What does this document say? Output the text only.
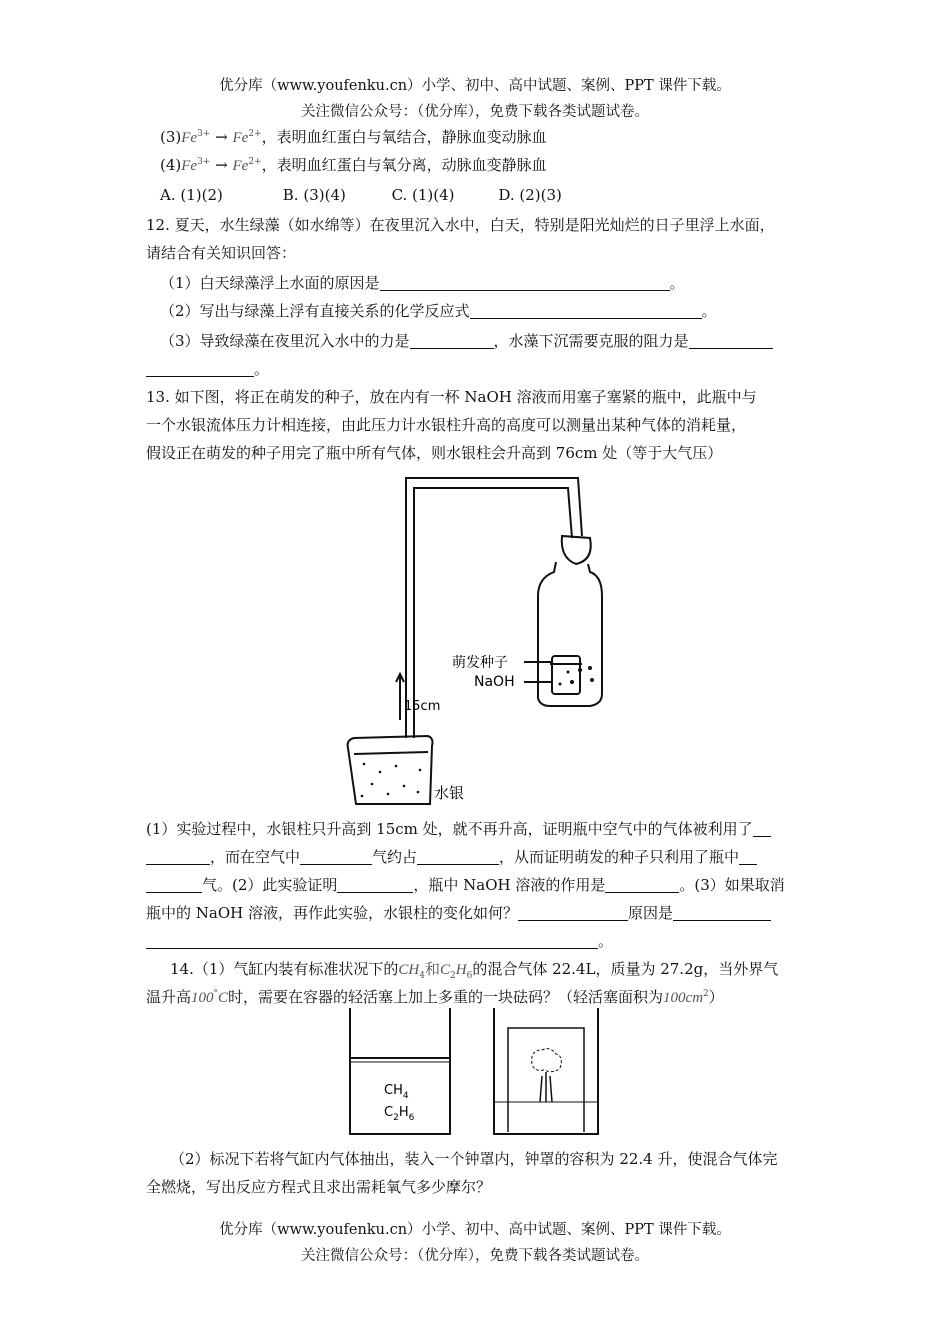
优分库（www.youfenku.cn）小学、初中、高中试题、案例、PPT 课件下载。
关注微信公众号：（优分库），免费下载各类试题试卷。
$(3)Fe^{3+} \to Fe^{2+}$，表明血红蛋白与氧结合，静脉血变动脉血
$(4)Fe^{3+} \to Fe^{2+}$，表明血红蛋白与氧分离，动脉血变静脉血
A. (1)(2)	B. (3)(4)	C. (1)(4)	D. (2)(3)
12. 夏天，水生绿藻（如水绵等）在夜里沉入水中，白天，特别是阳光灿烂的日子里浮上水面，
请结合有关知识回答：
（1）白天绿藻浮上水面的原因是	。
（2）写出与绿藻上浮有直接关系的化学反应式	。
（3）导致绿藻在夜里沉入水中的力是	，水藻下沉需要克服的阻力是
。
13. 如下图，将正在萌发的种子，放在内有一杯 NaOH 溶液而用塞子塞紧的瓶中，此瓶中与
一个水银流体压力计相连接，由此压力计水银柱升高的高度可以测量出某种气体的消耗量，
假设正在萌发的种子用完了瓶中所有气体，则水银柱会升高到 76cm 处（等于大气压）
萌发种子
NaOH
15cm
水银
(1）实验过程中，水银柱只升高到 15cm 处，就不再升高，证明瓶中空气中的气体被利用了
，而在空气中	气约占	，从而证明萌发的种子只利用了瓶中
气。(2）此实验证明	，瓶中 NaOH 溶液的作用是	。(3）如果取消
瓶中的 NaOH 溶液，再作此实验，水银柱的变化如何？	原因是
。
14.（1）气缸内装有标准状况下的$CH_4$和$C_2H_6$的混合气体 22.4L，质量为 27.2g，当外界气
温升高100°C时，需要在容器的轻活塞上加上多重的一块砝码？（轻活塞面积为$100cm^2$）
$CH_4$
$C_2H_6$
（2）标况下若将气缸内气体抽出，装入一个钟罩内，钟罩的容积为 22.4 升，使混合气体完
全燃烧，写出反应方程式且求出需耗氧气多少摩尔？
优分库（www.youfenku.cn）小学、初中、高中试题、案例、PPT 课件下载。
关注微信公众号：（优分库），免费下载各类试题试卷。
